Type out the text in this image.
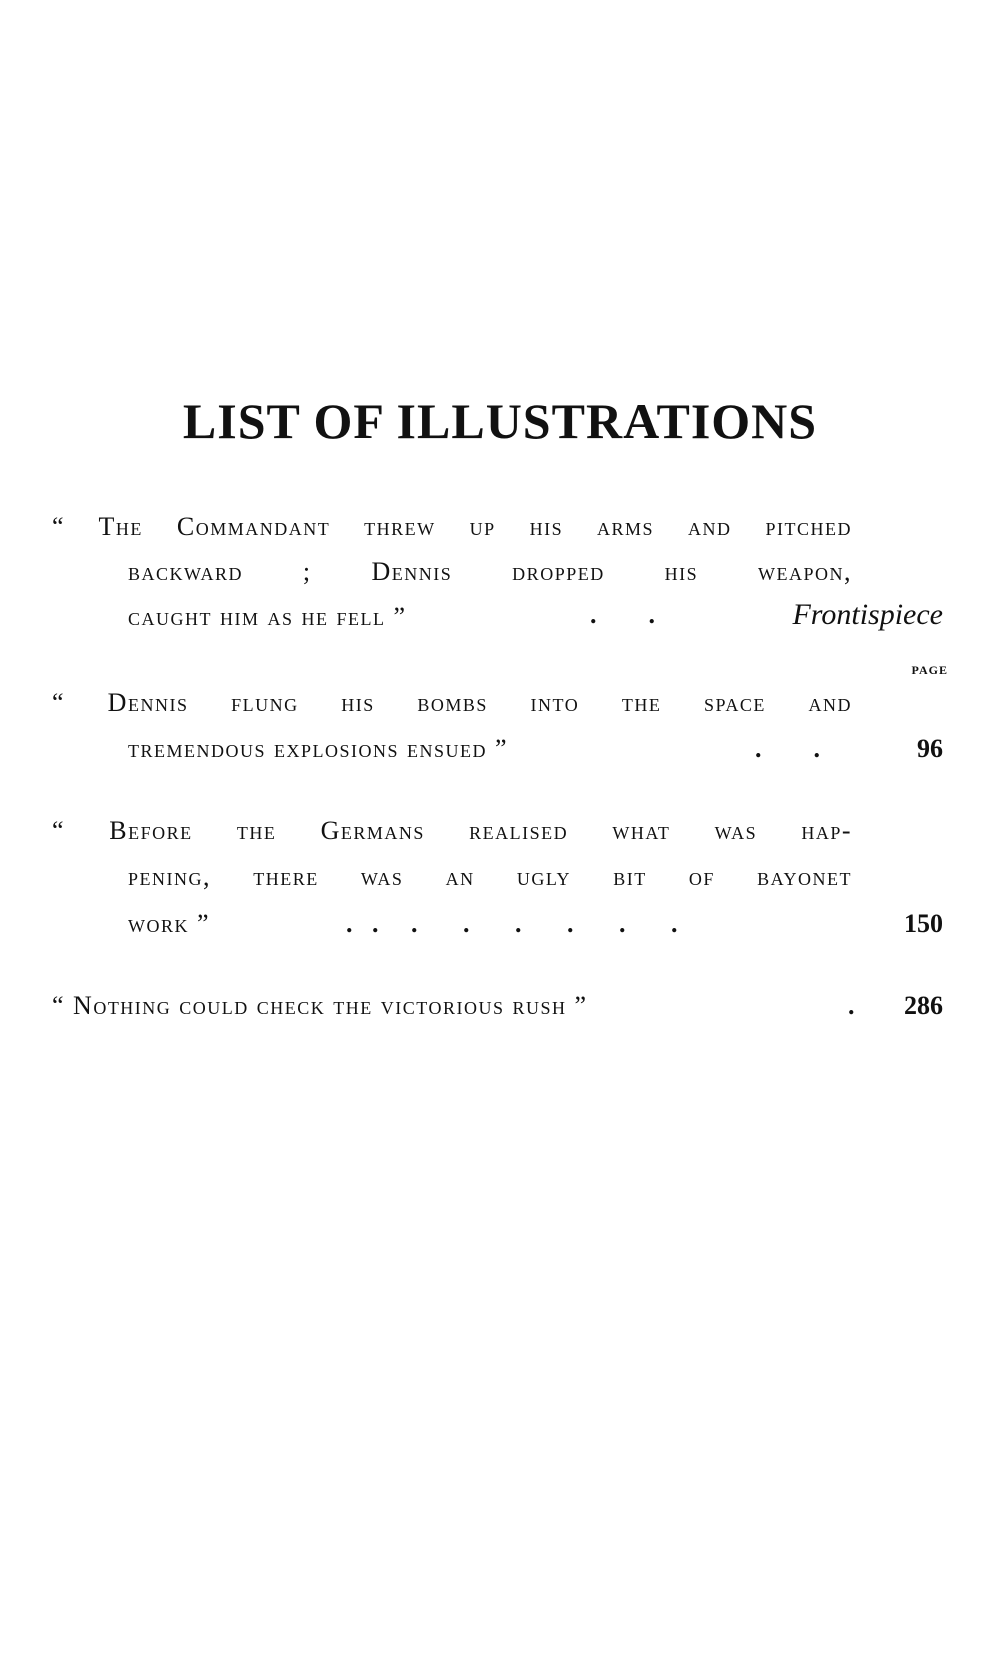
LIST OF ILLUSTRATIONS
“ The Commandant threw up his arms and pitched
backward ; Dennis dropped his weapon,
caught him as he fell ”	.        .	Frontispiece
PAGE
“ Dennis flung his bombs into the space and
tremendous explosions ensued ”	.        .	96
“ Before the Germans realised what was hap-
pening, there was an ugly bit of bayonet
work ”	.   .     .       .       .       .       .       .	150
“ Nothing could check the victorious rush ”	. 286
